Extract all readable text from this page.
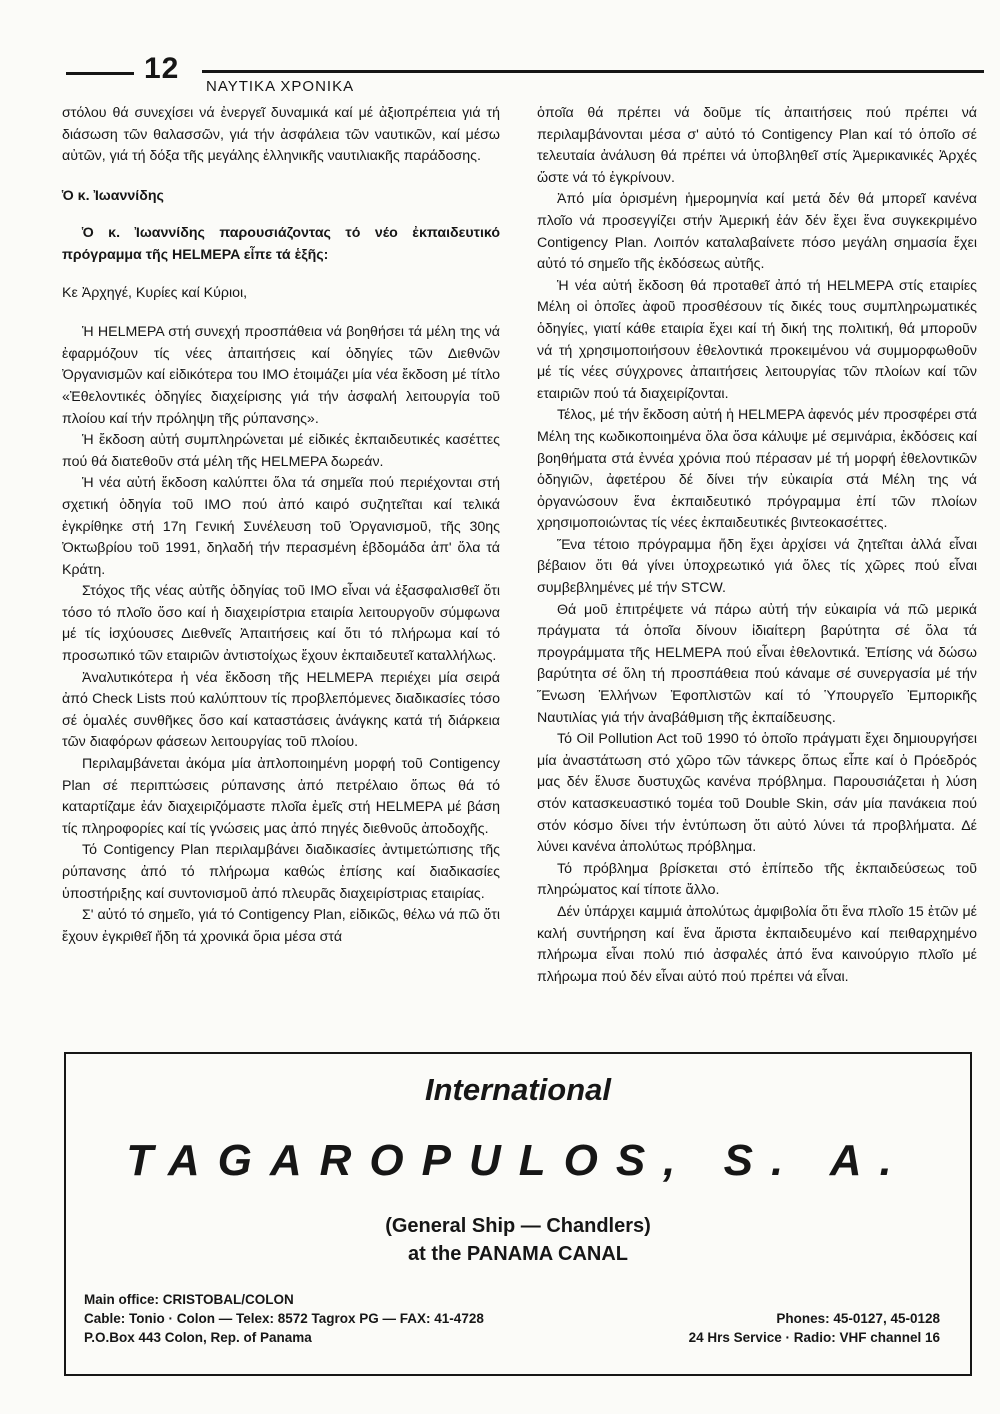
12
ΝΑΥΤΙΚΑ ΧΡΟΝΙΚΑ

στόλου θά συνεχίσει νά ἐνεργεῖ δυναμικά καί μέ ἀξιοπρέπεια γιά τή διάσωση τῶν θαλασσῶν, γιά τήν ἀσφάλεια τῶν ναυτικῶν, καί μέσω αὐτῶν, γιά τή δόξα τῆς μεγάλης ἑλληνικῆς ναυτιλιακῆς παράδοσης.

Ὁ κ. Ἰωαννίδης

Ὁ κ. Ἰωαννίδης παρουσιάζοντας τό νέο ἐκπαιδευτικό πρόγραμμα τῆς HELMEPA εἶπε τά ἑξῆς:

Κε Ἀρχηγέ, Κυρίες καί Κύριοι,

Ἡ HELMEPA στή συνεχή προσπάθεια νά βοηθήσει τά μέλη της νά ἐφαρμόζουν τίς νέες ἀπαιτήσεις καί ὁδηγίες τῶν Διεθνῶν Ὀργανισμῶν καί εἰδικότερα του ΙΜΟ ἑτοιμάζει μία νέα ἔκδοση μέ τίτλο «Ἐθελοντικές ὁδηγίες διαχείρισης γιά τήν ἀσφαλή λειτουργία τοῦ πλοίου καί τήν πρόληψη τῆς ρύπανσης».

Ἡ ἔκδοση αὐτή συμπληρώνεται μέ εἰδικές ἐκπαιδευτικές κασέττες πού θά διατεθοῦν στά μέλη τῆς HELMEPA δωρεάν.

Ἡ νέα αὐτή ἔκδοση καλύπτει ὅλα τά σημεῖα πού περιέχονται στή σχετική ὁδηγία τοῦ ΙΜΟ πού ἀπό καιρό συζητεῖται καί τελικά ἐγκρίθηκε στή 17η Γενική Συνέλευση τοῦ Ὀργανισμοῦ, τῆς 30ης Ὀκτωβρίου τοῦ 1991, δηλαδή τήν περασμένη ἑβδομάδα ἀπ' ὅλα τά Κράτη.

Στόχος τῆς νέας αὐτῆς ὁδηγίας τοῦ ΙΜΟ εἶναι νά ἐξασφαλισθεῖ ὅτι τόσο τό πλοῖο ὅσο καί ἡ διαχειρίστρια εταιρία λειτουργοῦν σύμφωνα μέ τίς ἰσχύουσες Διεθνεῖς Ἀπαιτήσεις καί ὅτι τό πλήρωμα καί τό προσωπικό τῶν εταιριῶν ἀντιστοίχως ἔχουν ἐκπαιδευτεῖ καταλλήλως.

Ἀναλυτικότερα ἡ νέα ἔκδοση τῆς HELMEPA περιέχει μία σειρά ἀπό Check Lists πού καλύπτουν τίς προβλεπόμενες διαδικασίες τόσο σέ ὁμαλές συνθῆκες ὅσο καί καταστάσεις ἀνάγκης κατά τή διάρκεια τῶν διαφόρων φάσεων λειτουργίας τοῦ πλοίου.

Περιλαμβάνεται ἀκόμα μία ἀπλοποιημένη μορφή τοῦ Contigency Plan σέ περιπτώσεις ρύπανσης ἀπό πετρέλαιο ὅπως θά τό καταρτίζαμε ἐάν διαχειριζόμαστε πλοῖα ἐμεῖς στή HELMEPA μέ βάση τίς πληροφορίες καί τίς γνώσεις μας ἀπό πηγές διεθνοῦς ἀποδοχῆς.

Τό Contigency Plan περιλαμβάνει διαδικασίες ἀντιμετώπισης τῆς ρύπανσης ἀπό τό πλήρωμα καθώς ἐπίσης καί διαδικασίες ὑποστήριξης καί συντονισμοῦ ἀπό πλευρᾶς διαχειρίστριας εταιρίας.

Σ' αὐτό τό σημεῖο, γιά τό Contigency Plan, εἰδικῶς, θέλω νά πῶ ὅτι ἔχουν ἐγκριθεῖ ἤδη τά χρονικά ὅρια μέσα στά

ὁποῖα θά πρέπει νά δοῦμε τίς ἀπαιτήσεις πού πρέπει νά περιλαμβάνονται μέσα σ' αὐτό τό Contigency Plan καί τό ὁποῖο σέ τελευταία ἀνάλυση θά πρέπει νά ὑποβληθεῖ στίς Ἀμερικανικές Ἀρχές ὥστε νά τό ἐγκρίνουν.

Ἀπό μία ὁρισμένη ἡμερομηνία καί μετά δέν θά μπορεῖ κανένα πλοῖο νά προσεγγίζει στήν Ἀμερική ἐάν δέν ἔχει ἕνα συγκεκριμένο Contigency Plan. Λοιπόν καταλαβαίνετε πόσο μεγάλη σημασία ἔχει αὐτό τό σημεῖο τῆς ἐκδόσεως αὐτῆς.

Ἡ νέα αὐτή ἔκδοση θά προταθεῖ ἀπό τή HELMEPA στίς εταιρίες Μέλη οἱ ὁποῖες ἀφοῦ προσθέσουν τίς δικές τους συμπληρωματικές ὁδηγίες, γιατί κάθε εταιρία ἔχει καί τή δική της πολιτική, θά μποροῦν νά τή χρησιμοποιήσουν ἐθελοντικά προκειμένου νά συμμορφωθοῦν μέ τίς νέες σύγχρονες ἀπαιτήσεις λειτουργίας τῶν πλοίων καί τῶν εταιριῶν πού τά διαχειρίζονται.

Τέλος, μέ τήν ἔκδοση αὐτή ἡ HELMEPA ἀφενός μέν προσφέρει στά Μέλη της κωδικοποιημένα ὅλα ὅσα κάλυψε μέ σεμινάρια, ἐκδόσεις καί βοηθήματα στά ἐννέα χρόνια πού πέρασαν μέ τή μορφή ἐθελοντικῶν ὁδηγιῶν, ἀφετέρου δέ δίνει τήν εὐκαιρία στά Μέλη της νά ὀργανώσουν ἕνα ἐκπαιδευτικό πρόγραμμα ἐπί τῶν πλοίων χρησιμοποιώντας τίς νέες ἐκπαιδευτικές βιντεοκασέττες.

Ἕνα τέτοιο πρόγραμμα ἤδη ἔχει ἀρχίσει νά ζητεῖται ἀλλά εἶναι βέβαιον ὅτι θά γίνει ὑποχρεωτικό γιά ὅλες τίς χῶρες πού εἶναι συμβεβλημένες μέ τήν STCW.

Θά μοῦ ἐπιτρέψετε νά πάρω αὐτή τήν εὐκαιρία νά πῶ μερικά πράγματα τά ὁποῖα δίνουν ἰδιαίτερη βαρύτητα σέ ὅλα τά προγράμματα τῆς HELMEPA πού εἶναι ἐθελοντικά. Ἐπίσης νά δώσω βαρύτητα σέ ὅλη τή προσπάθεια πού κάναμε σέ συνεργασία μέ τήν Ἕνωση Ἑλλήνων Ἐφοπλιστῶν καί τό Ὑπουργεῖο Ἐμπορικῆς Ναυτιλίας γιά τήν ἀναβάθμιση τῆς ἐκπαίδευσης.

Τό Oil Pollution Act τοῦ 1990 τό ὁποῖο πράγματι ἔχει δημιουργήσει μία ἀναστάτωση στό χῶρο τῶν τάνκερς ὅπως εἶπε καί ὁ Πρόεδρός μας δέν ἔλυσε δυστυχῶς κανένα πρόβλημα. Παρουσιάζεται ἡ λύση στόν κατασκευαστικό τομέα τοῦ Double Skin, σάν μία πανάκεια πού στόν κόσμο δίνει τήν ἐντύπωση ὅτι αὐτό λύνει τά προβλήματα. Δέ λύνει κανένα ἀπολύτως πρόβλημα.

Τό πρόβλημα βρίσκεται στό ἐπίπεδο τῆς ἐκπαιδεύσεως τοῦ πληρώματος καί τίποτε ἄλλο.

Δέν ὑπάρχει καμμιά ἀπολύτως ἀμφιβολία ὅτι ἕνα πλοῖο 15 ἐτῶν μέ καλή συντήρηση καί ἕνα ἄριστα ἐκπαιδευμένο καί πειθαρχημένο πλήρωμα εἶναι πολύ πιό ἀσφαλές ἀπό ἕνα καινούργιο πλοῖο μέ πλήρωμα πού δέν εἶναι αὐτό πού πρέπει νά εἶναι.

International
TAGAROPULOS, S. A.
(General Ship — Chandlers)
at the PANAMA CANAL
Main office: CRISTOBAL/COLON
Cable: Tonio · Colon — Telex: 8572 Tagrox PG — FAX: 41-4728
P.O.Box 443 Colon, Rep. of Panama
Phones: 45-0127, 45-0128
24 Hrs Service · Radio: VHF channel 16
